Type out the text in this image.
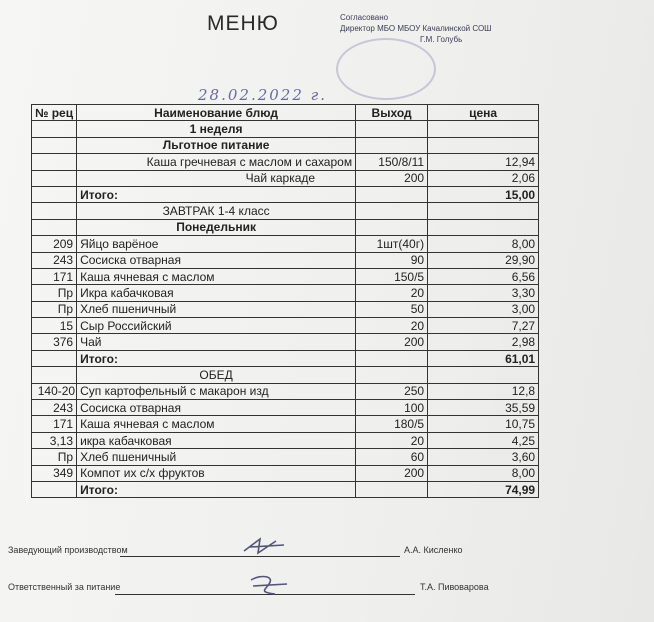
МЕНЮ	Согласовано
Директор МБО МБОУ Качалинской СОШ
Г.М. Голубь
28.02.2022 г.
№ рец	Наименование блюд	Выход	цена
	1 неделя		
	Льготное питание		
	Каша гречневая с маслом и сахаром	150/8/11	12,94
	Чай каркаде	200	2,06
	Итого:		15,00
	ЗАВТРАК 1-4 класс		
	Понедельник		
209	Яйцо варёное	1шт(40г)	8,00
243	Сосиска отварная	90	29,90
171	Каша ячневая с маслом	150/5	6,56
Пр	Икра кабачковая	20	3,30
Пр	Хлеб пшеничный	50	3,00
15	Сыр Российский	20	7,27
376	Чай	200	2,98
	Итого:		61,01
	ОБЕД		
140-20	Суп картофельный с макарон изд	250	12,8
243	Сосиска отварная	100	35,59
171	Каша ячневая с маслом	180/5	10,75
3,13	икра кабачковая	20	4,25
Пр	Хлеб пшеничный	60	3,60
349	Компот их с/х фруктов	200	8,00
	Итого:		74,99
Заведующий производством	А.А. Кисленко
Ответственный за питание	Т.А. Пивоварова
